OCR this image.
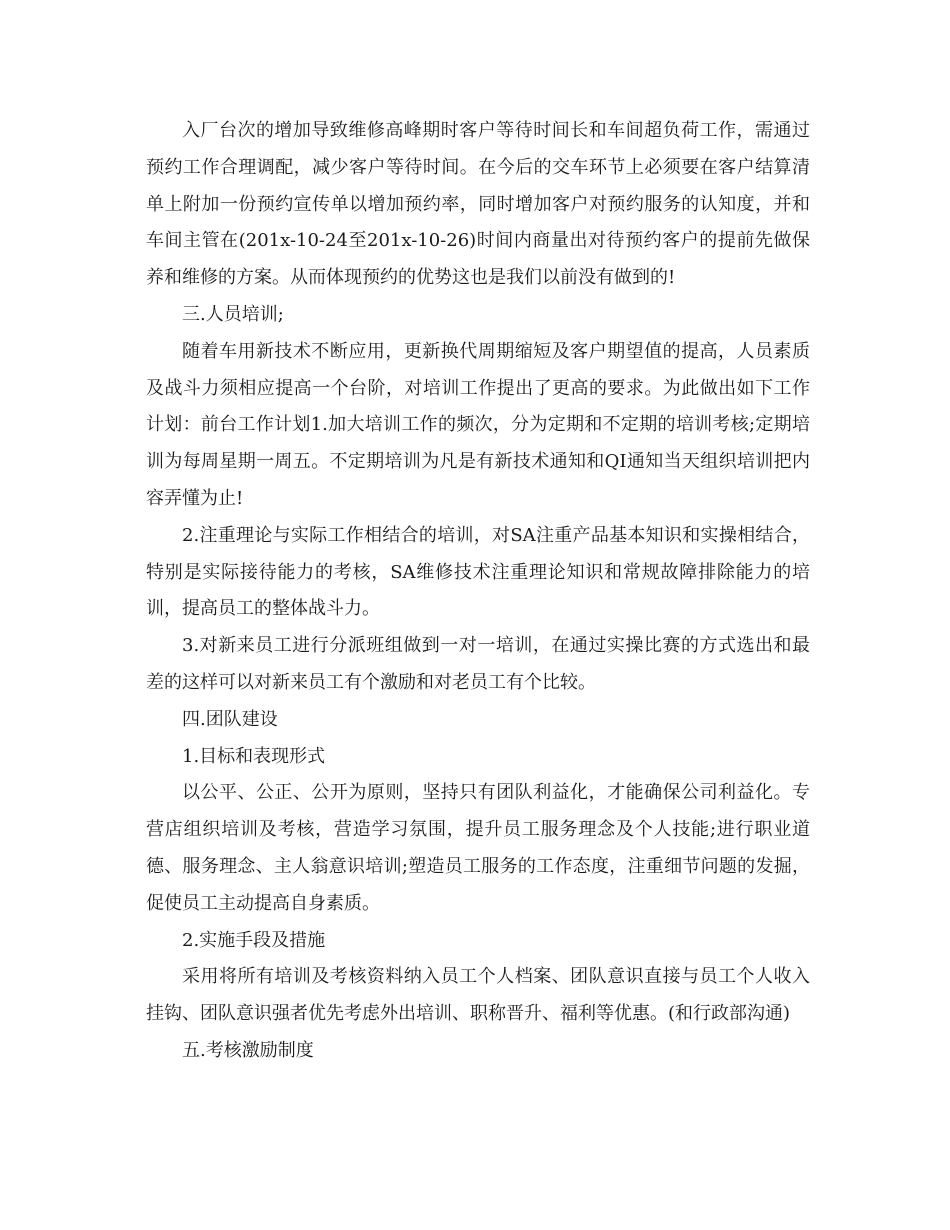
入厂台次的增加导致维修高峰期时客户等待时间长和车间超负荷工作，需通过预约工作合理调配，减少客户等待时间。在今后的交车环节上必须要在客户结算清单上附加一份预约宣传单以增加预约率，同时增加客户对预约服务的认知度，并和车间主管在(201x-10-24至201x-10-26)时间内商量出对待预约客户的提前先做保养和维修的方案。从而体现预约的优势这也是我们以前没有做到的!

三.人员培训;

随着车用新技术不断应用，更新换代周期缩短及客户期望值的提高，人员素质及战斗力须相应提高一个台阶，对培训工作提出了更高的要求。为此做出如下工作计划：前台工作计划1.加大培训工作的频次，分为定期和不定期的培训考核;定期培训为每周星期一周五。不定期培训为凡是有新技术通知和QI通知当天组织培训把内容弄懂为止!

2.注重理论与实际工作相结合的培训，对SA注重产品基本知识和实操相结合，特别是实际接待能力的考核，SA维修技术注重理论知识和常规故障排除能力的培训，提高员工的整体战斗力。

3.对新来员工进行分派班组做到一对一培训，在通过实操比赛的方式选出和最差的这样可以对新来员工有个激励和对老员工有个比较。

四.团队建设

1.目标和表现形式

以公平、公正、公开为原则，坚持只有团队利益化，才能确保公司利益化。专营店组织培训及考核，营造学习氛围，提升员工服务理念及个人技能;进行职业道德、服务理念、主人翁意识培训;塑造员工服务的工作态度，注重细节问题的发掘，促使员工主动提高自身素质。

2.实施手段及措施

采用将所有培训及考核资料纳入员工个人档案、团队意识直接与员工个人收入挂钩、团队意识强者优先考虑外出培训、职称晋升、福利等优惠。(和行政部沟通)

五.考核激励制度
